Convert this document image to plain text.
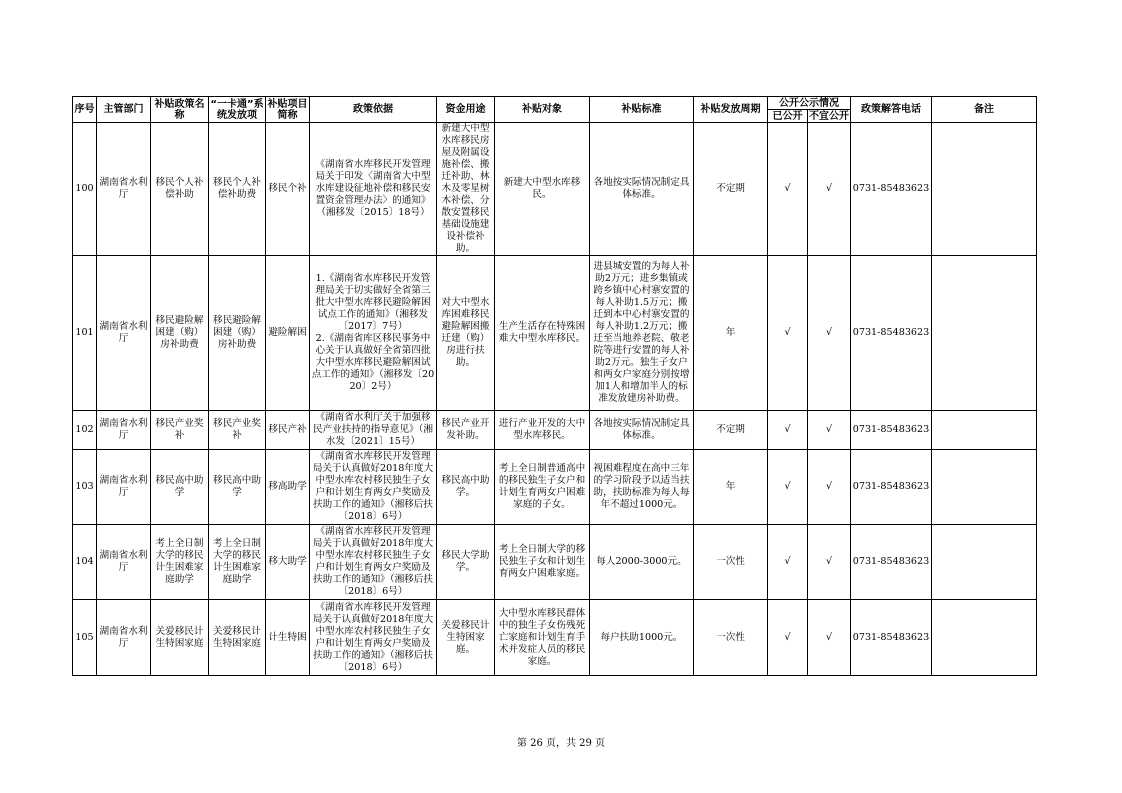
序号	主管部门	补贴政策名称	“一卡通”系统发放项	补贴项目简称	政策依据	资金用途	补贴对象	补贴标准	补贴发放周期	公开公示情况		政策解答电话	备注
										已公开	不宜公开		
100	湖南省水利厅	移民个人补偿补助	移民个人补偿补助费	移民个补	《湖南省水库移民开发管理局关于印发〈湖南省大中型水库建设征地补偿和移民安置资金管理办法〉的通知》（湘移发〔2015〕18号）	新建大中型水库移民房屋及附属设施补偿、搬迁补助、林木及零星树木补偿、分散安置移民基础设施建设补偿补助。	新建大中型水库移民。	各地按实际情况制定具体标准。	不定期	√	√	0731-85483623	
101	湖南省水利厅	移民避险解困建（购）房补助费	移民避险解困建（购）房补助费	避险解困	1.《湖南省水库移民开发管理局关于切实做好全省第三批大中型水库移民避险解困试点工作的通知》（湘移发〔2017〕7号）
2.《湖南省库区移民事务中心关于认真做好全省第四批大中型水库移民避险解困试点工作的通知》（湘移发〔2020〕2号）	对大中型水库困难移民避险解困搬迁建（购）房进行扶助。	生产生活存在特殊困难大中型水库移民。	进县城安置的为每人补助2万元；进乡集镇或跨乡镇中心村寨安置的每人补助1.5万元；搬迁到本中心村寨安置的每人补助1.2万元；搬迁至当地养老院、敬老院等进行安置的每人补助2万元。独生子女户和两女户家庭分别按增加1人和增加半人的标准发放建房补助费。	年	√	√	0731-85483623	
102	湖南省水利厅	移民产业奖补	移民产业奖补	移民产补	《湖南省水利厅关于加强移民产业扶持的指导意见》（湘水发〔2021〕15号）	移民产业开发补助。	进行产业开发的大中型水库移民。	各地按实际情况制定具体标准。	不定期	√	√	0731-85483623	
103	湖南省水利厅	移民高中助学	移民高中助学	移高助学	《湖南省水库移民开发管理局关于认真做好2018年度大中型水库农村移民独生子女户和计划生育两女户奖励及扶助工作的通知》（湘移后扶〔2018〕6号）	移民高中助学。	考上全日制普通高中的移民独生子女户和计划生育两女户困难家庭的子女。	视困难程度在高中三年的学习阶段予以适当扶助，扶助标准为每人每年不超过1000元。	年	√	√	0731-85483623	
104	湖南省水利厅	考上全日制大学的移民计生困难家庭助学	考上全日制大学的移民计生困难家庭助学	移大助学	《湖南省水库移民开发管理局关于认真做好2018年度大中型水库农村移民独生子女户和计划生育两女户奖励及扶助工作的通知》（湘移后扶〔2018〕6号）	移民大学助学。	考上全日制大学的移民独生子女和计划生育两女户困难家庭。	每人2000-3000元。	一次性	√	√	0731-85483623	
105	湖南省水利厅	关爱移民计生特困家庭	关爱移民计生特困家庭	计生特困	《湖南省水库移民开发管理局关于认真做好2018年度大中型水库农村移民独生子女户和计划生育两女户奖励及扶助工作的通知》（湘移后扶〔2018〕6号）	关爱移民计生特困家庭。	大中型水库移民群体中的独生子女伤残死亡家庭和计划生育手术并发症人员的移民家庭。	每户扶助1000元。	一次性	√	√	0731-85483623	
第 26 页，共 29 页
